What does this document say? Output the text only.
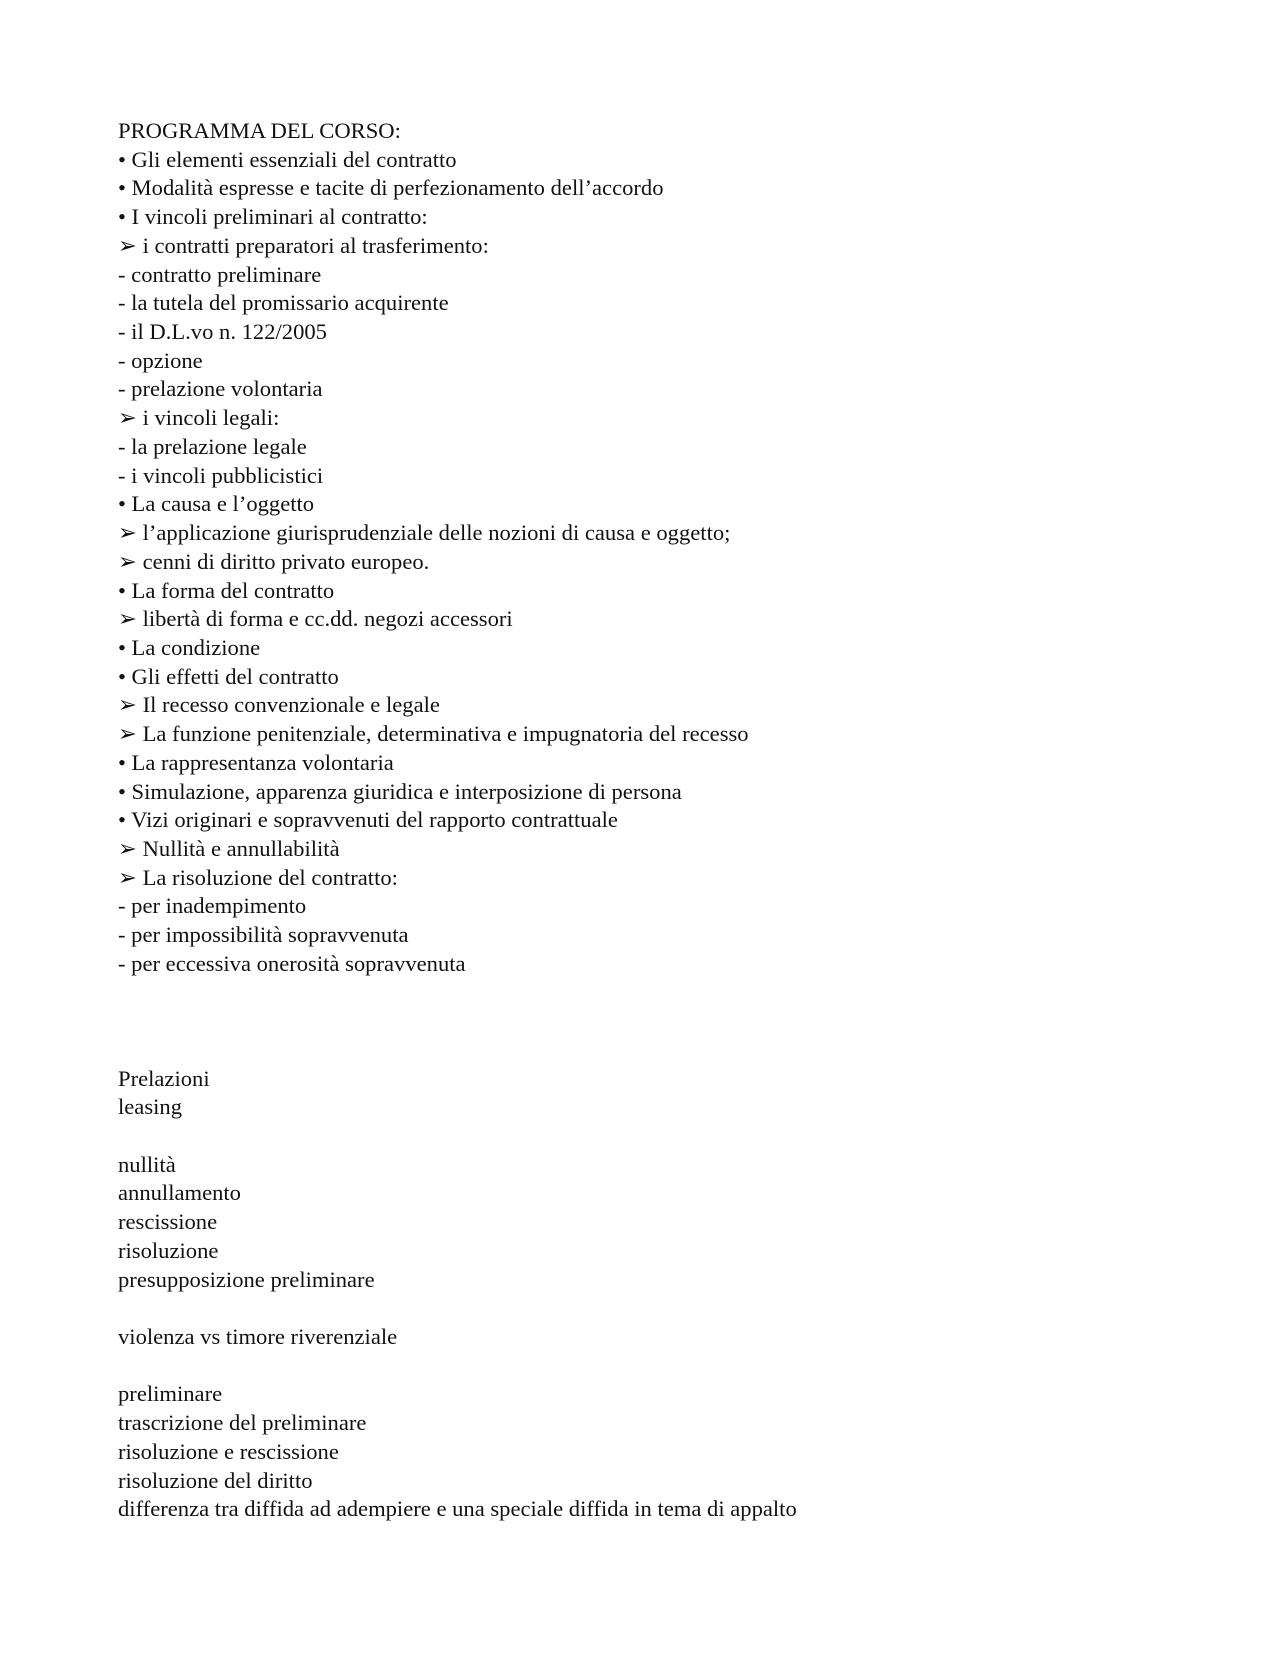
PROGRAMMA DEL CORSO:
• Gli elementi essenziali del contratto
• Modalità espresse e tacite di perfezionamento dell’accordo
• I vincoli preliminari al contratto:
➢ i contratti preparatori al trasferimento:
- contratto preliminare
- la tutela del promissario acquirente
- il D.L.vo n. 122/2005
- opzione
- prelazione volontaria
➢ i vincoli legali:
- la prelazione legale
- i vincoli pubblicistici
• La causa e l’oggetto
➢ l’applicazione giurisprudenziale delle nozioni di causa e oggetto;
➢ cenni di diritto privato europeo.
• La forma del contratto
➢ libertà di forma e cc.dd. negozi accessori
• La condizione
• Gli effetti del contratto
➢ Il recesso convenzionale e legale
➢ La funzione penitenziale, determinativa e impugnatoria del recesso
• La rappresentanza volontaria
• Simulazione, apparenza giuridica e interposizione di persona
• Vizi originari e sopravvenuti del rapporto contrattuale
➢ Nullità e annullabilità
➢ La risoluzione del contratto:
- per inadempimento
- per impossibilità sopravvenuta
- per eccessiva onerosità sopravvenuta
Prelazioni
leasing
nullità
annullamento
rescissione
risoluzione
presupposizione preliminare
violenza vs timore riverenziale
preliminare
trascrizione del preliminare
risoluzione e rescissione
risoluzione del diritto
differenza tra diffida ad adempiere e una speciale diffida in tema di appalto
